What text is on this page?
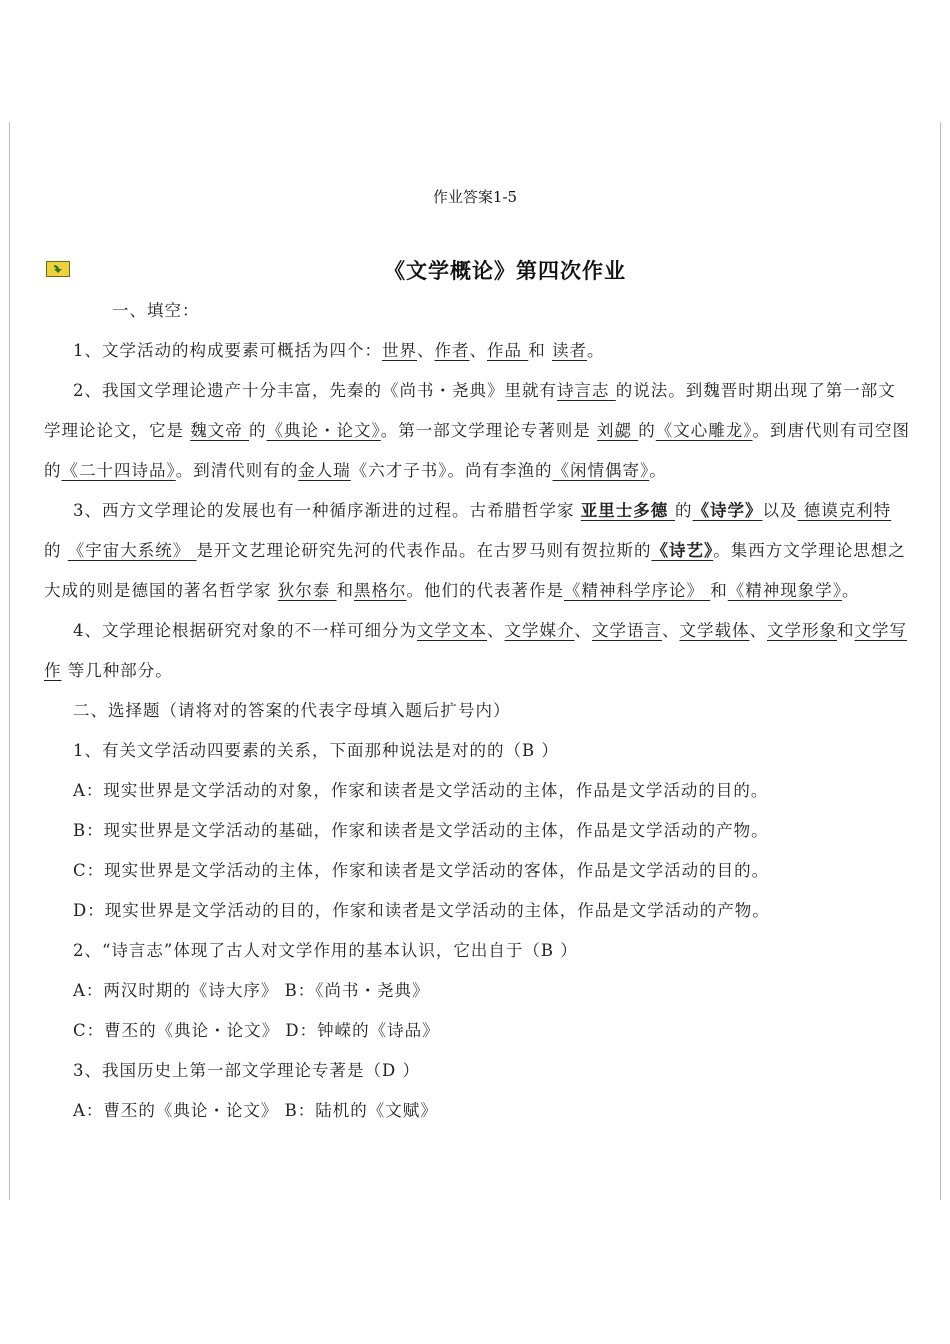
作业答案1-5
《文学概论》第四次作业

一、填空：

1、文学活动的构成要素可概括为四个：世界、作者、作品 和 读者。

2、我国文学理论遗产十分丰富，先秦的《尚书・尧典》里就有诗言志 的说法。到魏晋时期出现了第一部文学理论论文，它是 魏文帝 的《典论・论文》。第一部文学理论专著则是 刘勰 的《文心雕龙》。到唐代则有司空图的《二十四诗品》。到清代则有的金人瑞《六才子书》。尚有李渔的《闲情偶寄》。

3、西方文学理论的发展也有一种循序渐进的过程。古希腊哲学家 亚里士多德 的《诗学》以及 德谟克利特 的 《宇宙大系统》 是开文艺理论研究先河的代表作品。在古罗马则有贺拉斯的《诗艺》。集西方文学理论思想之大成的则是德国的著名哲学家 狄尔泰 和黑格尔。他们的代表著作是《精神科学序论》 和《精神现象学》。

4、文学理论根据研究对象的不一样可细分为文学文本、文学媒介、文学语言、文学载体、文学形象和文学写作 等几种部分。

二、选择题（请将对的答案的代表字母填入题后扩号内）

1、有关文学活动四要素的关系，下面那种说法是对的的（B ）

A：现实世界是文学活动的对象，作家和读者是文学活动的主体，作品是文学活动的目的。

B：现实世界是文学活动的基础，作家和读者是文学活动的主体，作品是文学活动的产物。

C：现实世界是文学活动的主体，作家和读者是文学活动的客体，作品是文学活动的目的。

D：现实世界是文学活动的目的，作家和读者是文学活动的主体，作品是文学活动的产物。

2、“诗言志”体现了古人对文学作用的基本认识，它出自于（B ）

A：两汉时期的《诗大序》 B：《尚书・尧典》

C：曹丕的《典论・论文》 D：钟嵘的《诗品》

3、我国历史上第一部文学理论专著是（D ）

A：曹丕的《典论・论文》 B：陆机的《文赋》
